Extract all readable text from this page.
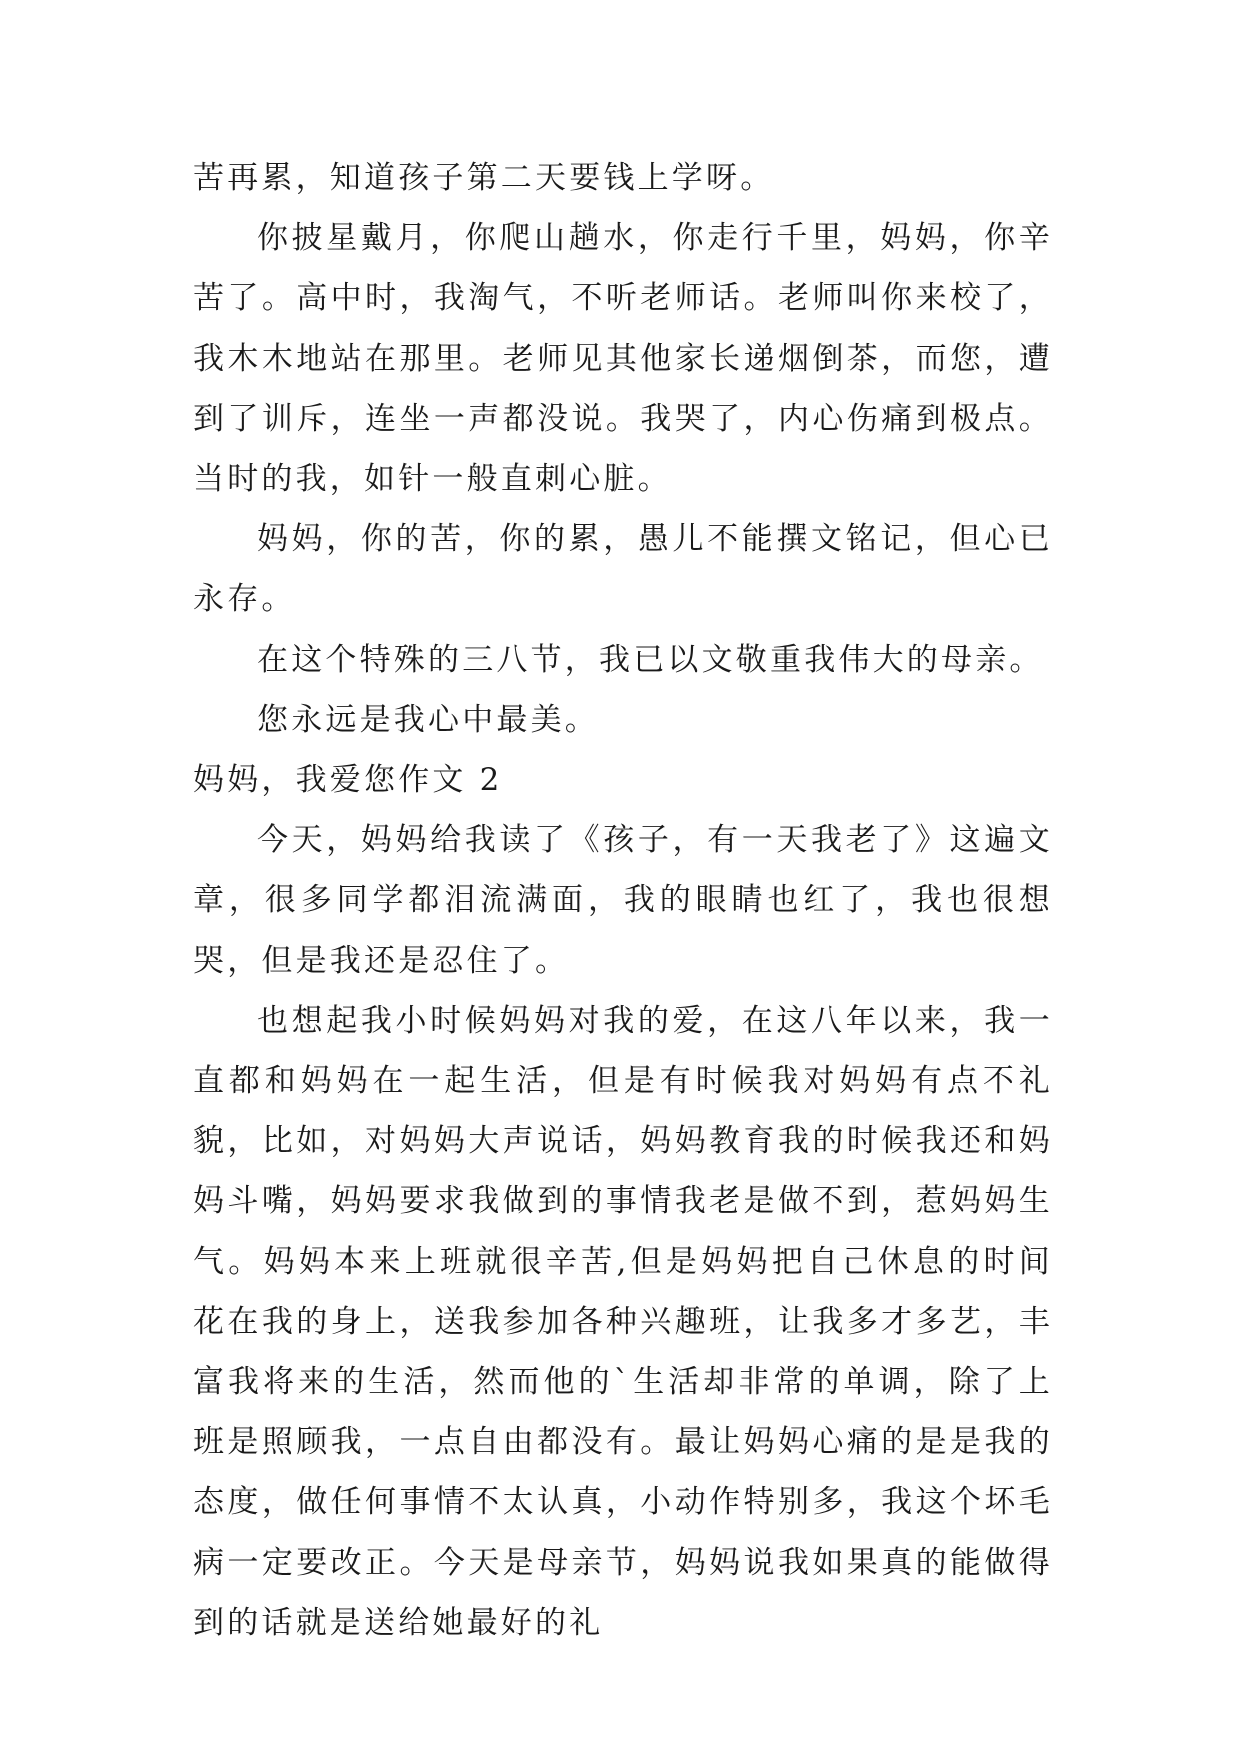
苦再累，知道孩子第二天要钱上学呀。

你披星戴月，你爬山趟水，你走行千里，妈妈，你辛苦了。高中时，我淘气，不听老师话。老师叫你来校了，我木木地站在那里。老师见其他家长递烟倒茶，而您，遭到了训斥，连坐一声都没说。我哭了，内心伤痛到极点。当时的我，如针一般直刺心脏。

妈妈，你的苦，你的累，愚儿不能撰文铭记，但心已永存。

在这个特殊的三八节，我已以文敬重我伟大的母亲。

您永远是我心中最美。

妈妈，我爱您作文 2

今天，妈妈给我读了《孩子，有一天我老了》这遍文章，很多同学都泪流满面，我的眼睛也红了，我也很想哭，但是我还是忍住了。

也想起我小时候妈妈对我的爱，在这八年以来，我一直都和妈妈在一起生活，但是有时候我对妈妈有点不礼貌，比如，对妈妈大声说话，妈妈教育我的时候我还和妈妈斗嘴，妈妈要求我做到的事情我老是做不到，惹妈妈生气。妈妈本来上班就很辛苦,但是妈妈把自己休息的时间花在我的身上，送我参加各种兴趣班，让我多才多艺，丰富我将来的生活，然而他的`生活却非常的单调，除了上班是照顾我，一点自由都没有。最让妈妈心痛的是是我的态度，做任何事情不太认真，小动作特别多，我这个坏毛病一定要改正。今天是母亲节，妈妈说我如果真的能做得到的话就是送给她最好的礼
